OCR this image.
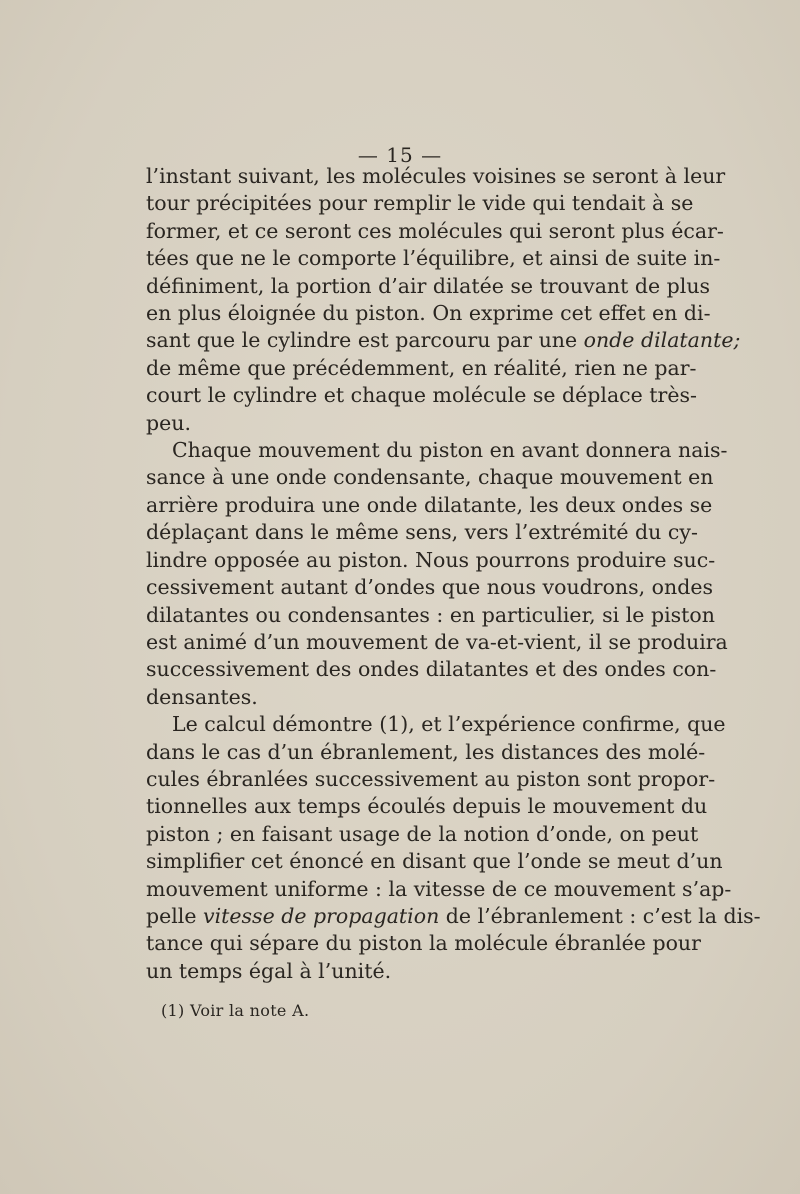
— 15 —

l’instant suivant, les molécules voisines se seront à leur
tour précipitées pour remplir le vide qui tendait à se
former, et ce seront ces molécules qui seront plus écar-
tées que ne le comporte l’équilibre, et ainsi de suite in-
définiment, la portion d’air dilatée se trouvant de plus
en plus éloignée du piston. On exprime cet effet en di-
sant que le cylindre est parcouru par une onde dilatante;
de même que précédemment, en réalité, rien ne par-
court le cylindre et chaque molécule se déplace très-
peu.

Chaque mouvement du piston en avant donnera nais-
sance à une onde condensante, chaque mouvement en
arrière produira une onde dilatante, les deux ondes se
déplaçant dans le même sens, vers l’extrémité du cy-
lindre opposée au piston. Nous pourrons produire suc-
cessivement autant d’ondes que nous voudrons, ondes
dilatantes ou condensantes : en particulier, si le piston
est animé d’un mouvement de va-et-vient, il se produira
successivement des ondes dilatantes et des ondes con-
densantes.

Le calcul démontre (1), et l’expérience confirme, que
dans le cas d’un ébranlement, les distances des molé-
cules ébranlées successivement au piston sont propor-
tionnelles aux temps écoulés depuis le mouvement du
piston ; en faisant usage de la notion d’onde, on peut
simplifier cet énoncé en disant que l’onde se meut d’un
mouvement uniforme : la vitesse de ce mouvement s’ap-
pelle vitesse de propagation de l’ébranlement : c’est la dis-
tance qui sépare du piston la molécule ébranlée pour
un temps égal à l’unité.

(1) Voir la note A.
